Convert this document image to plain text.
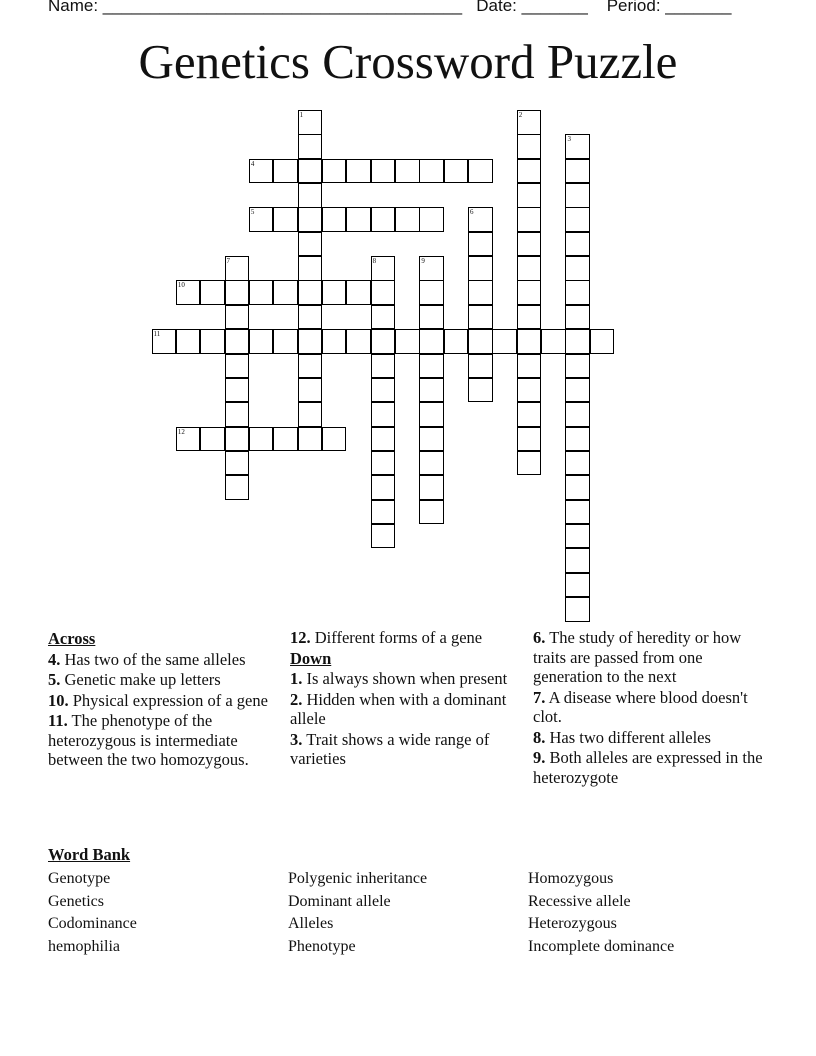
Name: ______________________________________ Date: _______ Period: _______
Genetics Crossword Puzzle
1	2
3
4
5	6
7	8	9
10
11
12
Across
4. Has two of the same alleles
5. Genetic make up letters
10. Physical expression of a gene
11. The phenotype of the heterozygous is intermediate between the two homozygous.
12. Different forms of a gene
Down
1. Is always shown when present
2. Hidden when with a dominant allele
3. Trait shows a wide range of varieties
6. The study of heredity or how traits are passed from one generation to the next
7. A disease where blood doesn't clot.
8. Has two different alleles
9. Both alleles are expressed in the heterozygote
Word Bank
Genotype
Genetics
Codominance
hemophilia
Polygenic inheritance
Dominant allele
Alleles
Phenotype
Homozygous
Recessive allele
Heterozygous
Incomplete dominance
